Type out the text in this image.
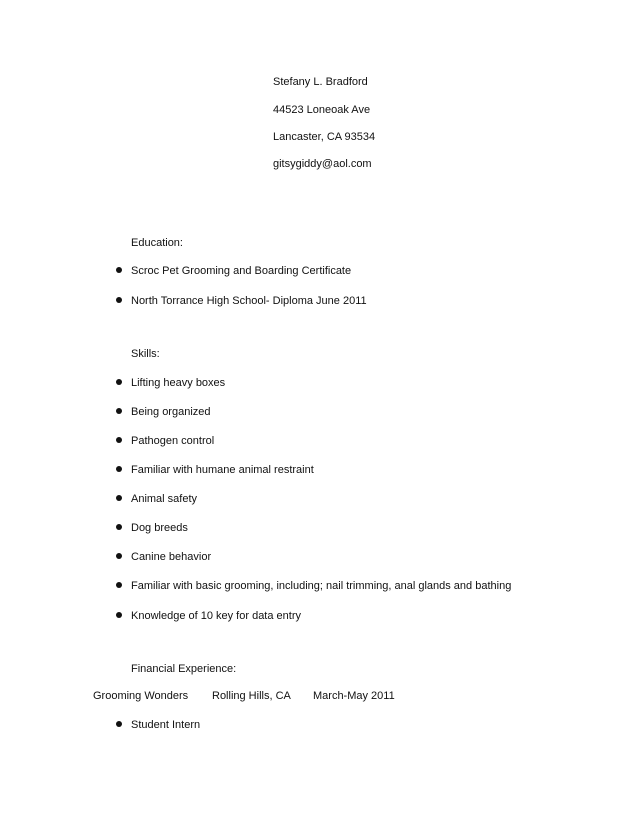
Stefany L. Bradford
44523 Loneoak Ave
Lancaster, CA 93534
gitsygiddy@aol.com
Education:
Scroc Pet Grooming and Boarding Certificate
North Torrance High School- Diploma June 2011
Skills:
Lifting heavy boxes
Being organized
Pathogen control
Familiar with humane animal restraint
Animal safety
Dog breeds
Canine behavior
Familiar with basic grooming, including; nail trimming, anal glands and bathing
Knowledge of 10 key for data entry
Financial Experience:
Grooming Wonders Rolling Hills, CA March-May 2011
Student Intern
